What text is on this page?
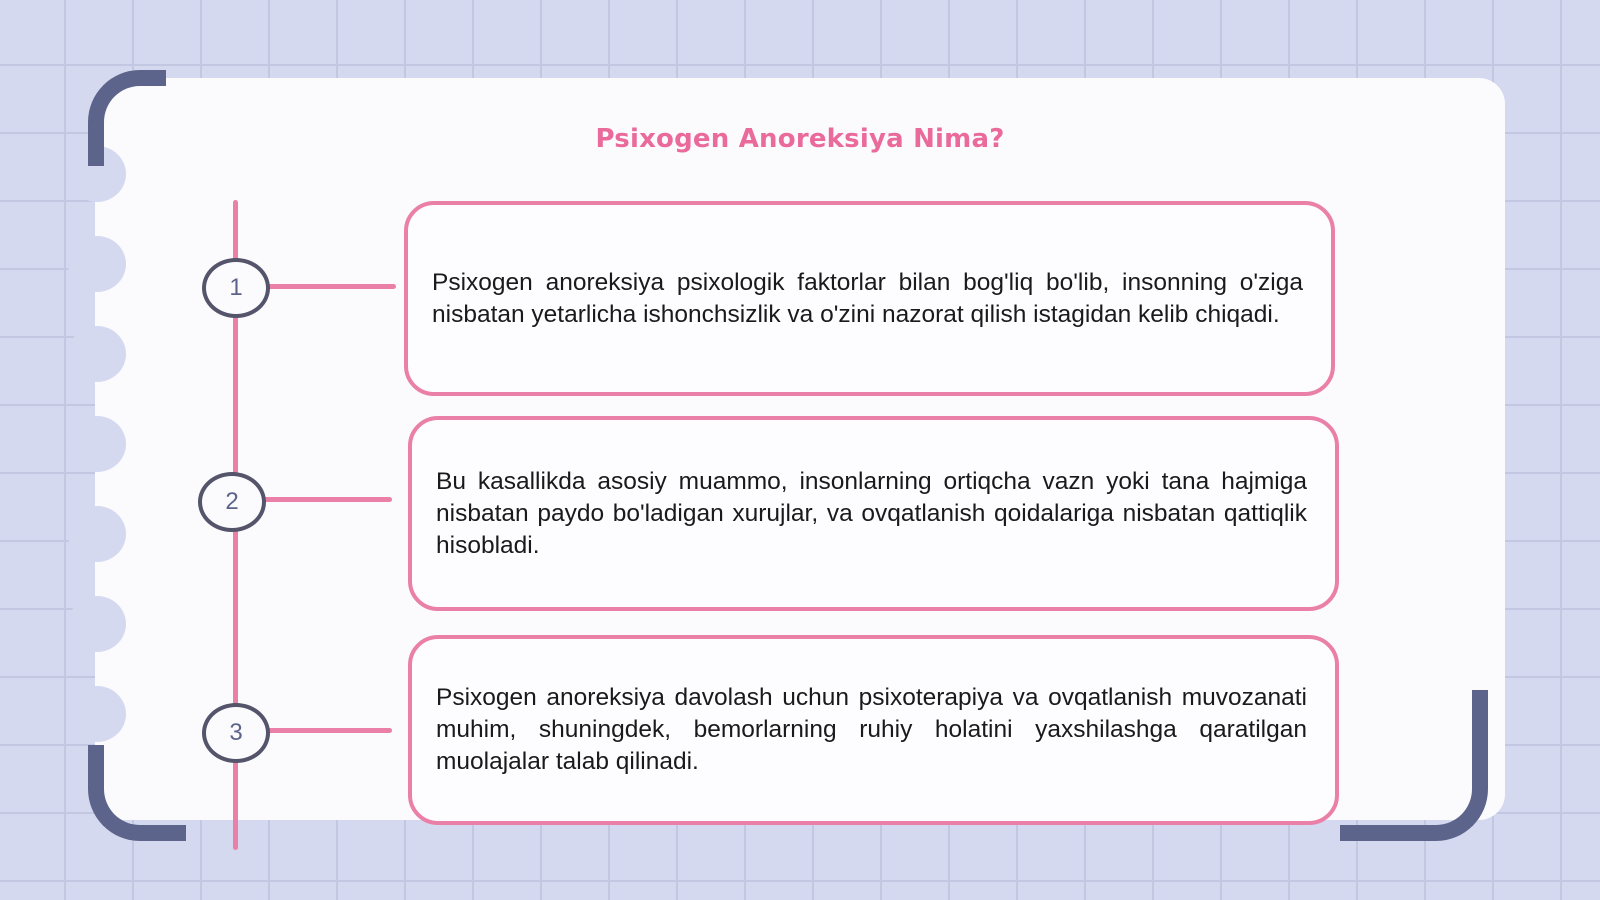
Psixogen Anoreksiya Nima?
1
2
3

Psixogen anoreksiya psixologik faktorlar bilan bog'liq bo'lib, insonning o'ziga nisbatan yetarlicha ishonchsizlik va o'zini nazorat qilish istagidan kelib chiqadi.

Bu kasallikda asosiy muammo, insonlarning ortiqcha vazn yoki tana hajmiga nisbatan paydo bo'ladigan xurujlar, va ovqatlanish qoidalariga nisbatan qattiqlik hisobladi.

Psixogen anoreksiya davolash uchun psixoterapiya va ovqatlanish muvozanati muhim, shuningdek, bemorlarning ruhiy holatini yaxshilashga qaratilgan muolajalar talab qilinadi.
